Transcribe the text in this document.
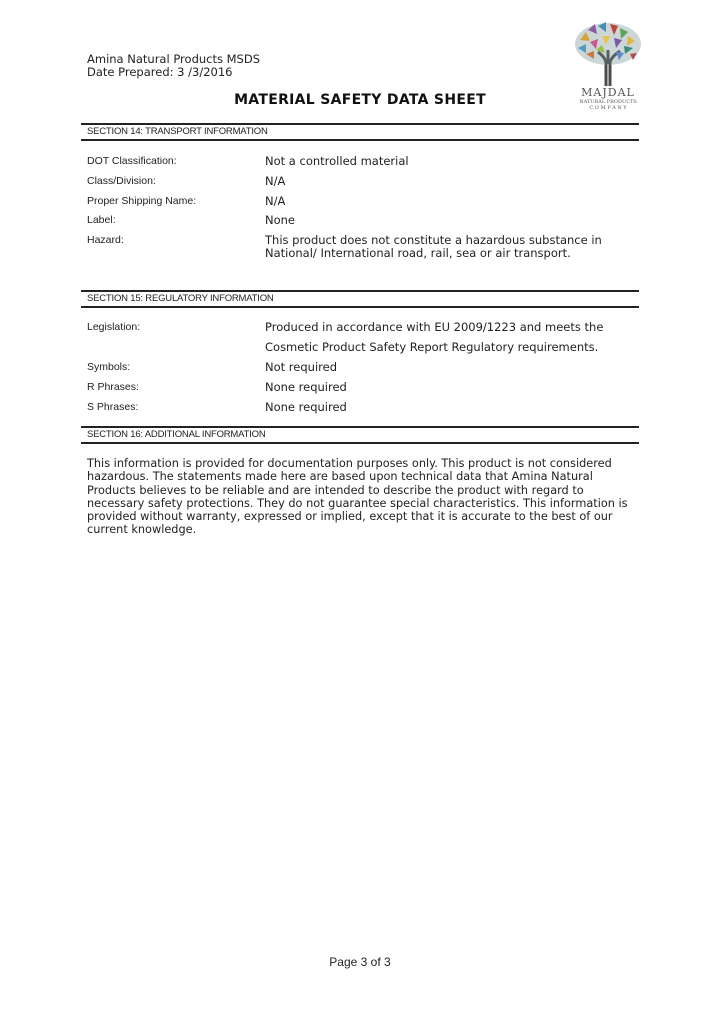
Amina Natural Products MSDS
Date Prepared: 3 /3/2016
MATERIAL SAFETY DATA SHEET	MAJDAL
NATURAL PRODUCTS
C O M P A N Y
SECTION 14: TRANSPORT INFORMATION
DOT Classification:	Not a controlled material
Class/Division:	N/A
Proper Shipping Name:	N/A
Label:	None
Hazard:	This product does not constitute a hazardous substance in National/ International road, rail, sea or air transport.
SECTION 15: REGULATORY INFORMATION
Legislation:	Produced in accordance with EU 2009/1223 and meets the
Cosmetic Product Safety Report Regulatory requirements.
Symbols:	Not required
R Phrases:	None required
S Phrases:	None required
SECTION 16: ADDITIONAL INFORMATION
This information is provided for documentation purposes only. This product is not considered hazardous. The statements made here are based upon technical data that Amina Natural Products believes to be reliable and are intended to describe the product with regard to necessary safety protections. They do not guarantee special characteristics. This information is provided without warranty, expressed or implied, except that it is accurate to the best of our current knowledge.
Page 3 of 3
